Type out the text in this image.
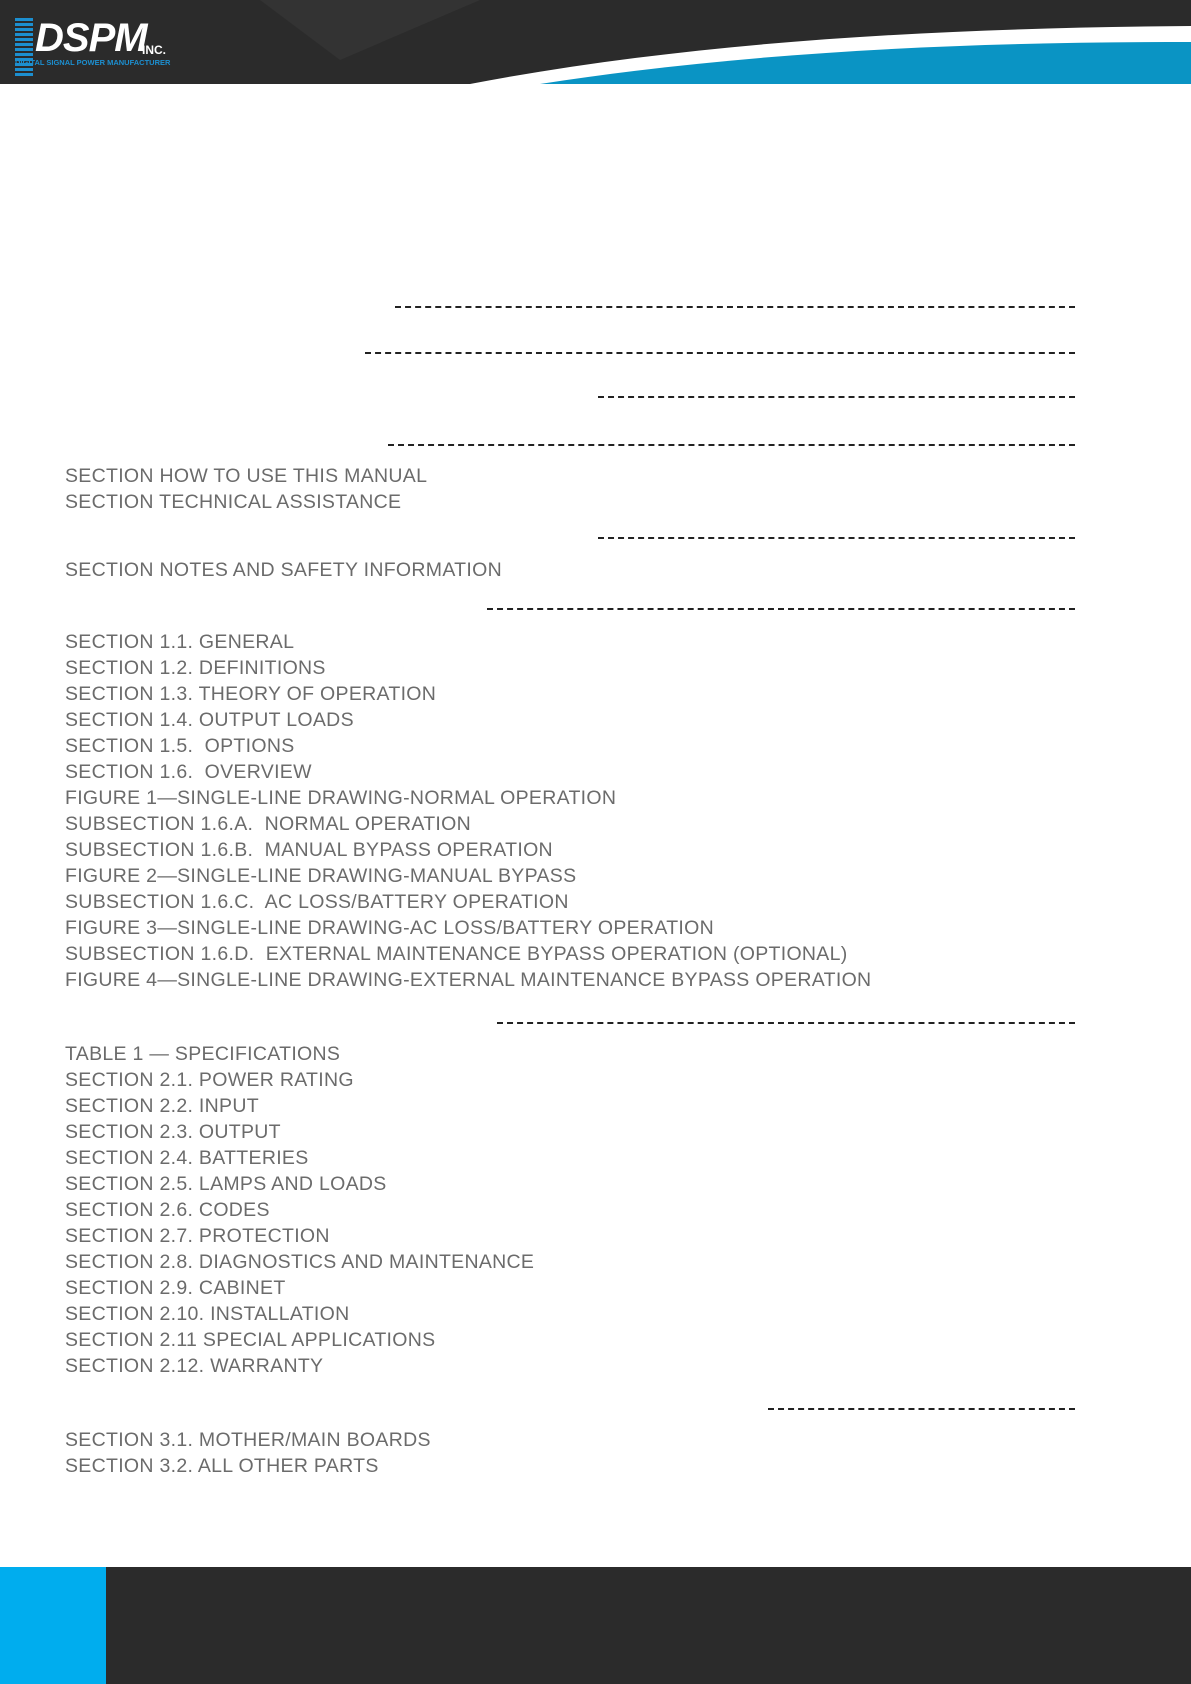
DSPM
INC.
DIGITAL SIGNAL POWER MANUFACTURER
SECTION HOW TO USE THIS MANUAL
SECTION TECHNICAL ASSISTANCE
SECTION NOTES AND SAFETY INFORMATION
SECTION 1.1. GENERAL
SECTION 1.2. DEFINITIONS
SECTION 1.3. THEORY OF OPERATION
SECTION 1.4. OUTPUT LOADS
SECTION 1.5.  OPTIONS
SECTION 1.6.  OVERVIEW
FIGURE 1—SINGLE-LINE DRAWING-NORMAL OPERATION
SUBSECTION 1.6.A.  NORMAL OPERATION
SUBSECTION 1.6.B.  MANUAL BYPASS OPERATION
FIGURE 2—SINGLE-LINE DRAWING-MANUAL BYPASS
SUBSECTION 1.6.C.  AC LOSS/BATTERY OPERATION
FIGURE 3—SINGLE-LINE DRAWING-AC LOSS/BATTERY OPERATION
SUBSECTION 1.6.D.  EXTERNAL MAINTENANCE BYPASS OPERATION (OPTIONAL)
FIGURE 4—SINGLE-LINE DRAWING-EXTERNAL MAINTENANCE BYPASS OPERATION
TABLE 1 — SPECIFICATIONS
SECTION 2.1. POWER RATING
SECTION 2.2. INPUT
SECTION 2.3. OUTPUT
SECTION 2.4. BATTERIES
SECTION 2.5. LAMPS AND LOADS
SECTION 2.6. CODES
SECTION 2.7. PROTECTION
SECTION 2.8. DIAGNOSTICS AND MAINTENANCE
SECTION 2.9. CABINET
SECTION 2.10. INSTALLATION
SECTION 2.11 SPECIAL APPLICATIONS
SECTION 2.12. WARRANTY
SECTION 3.1. MOTHER/MAIN BOARDS
SECTION 3.2. ALL OTHER PARTS
